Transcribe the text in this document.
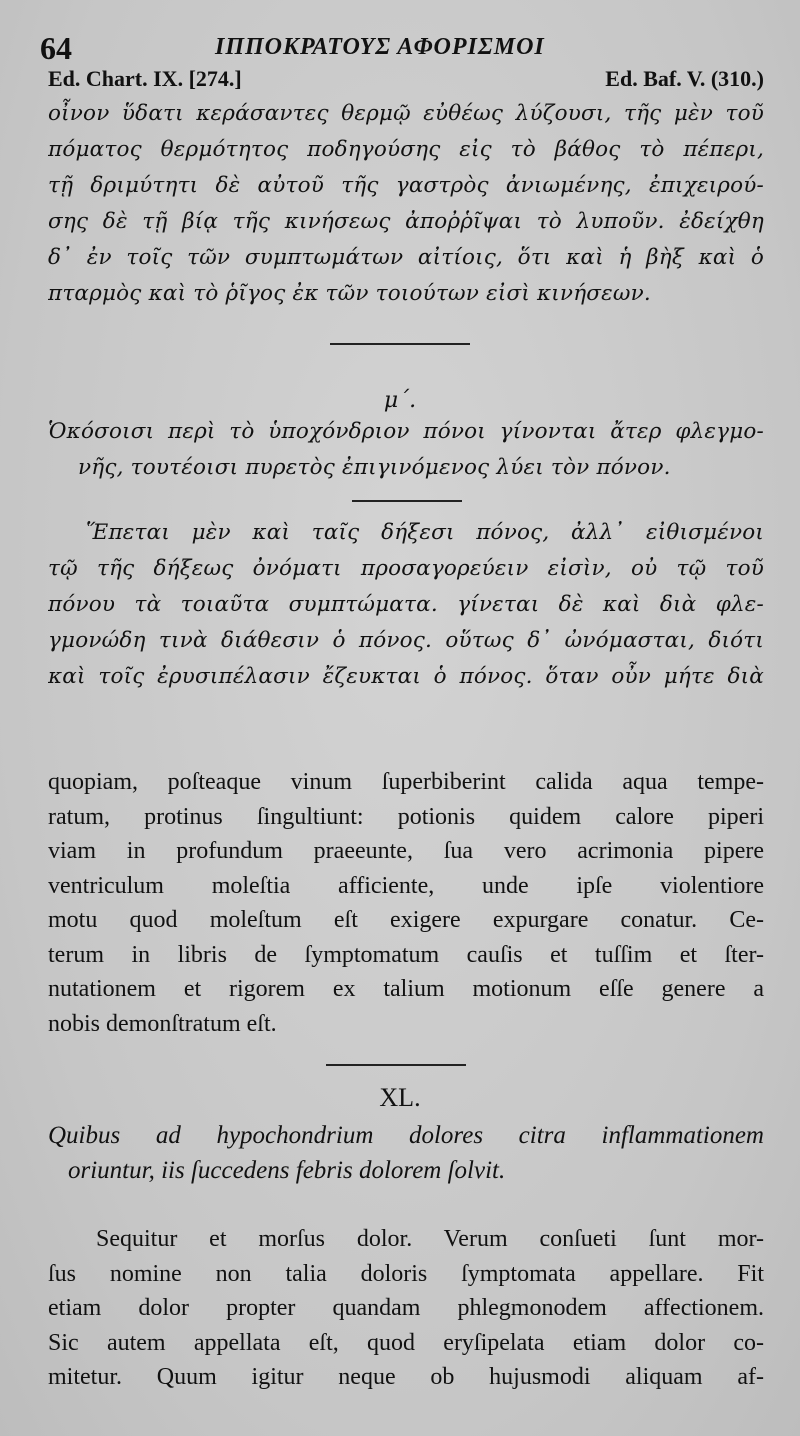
64	ΙΠΠΟΚΡΑΤΟΥΣ ΑΦΟΡΙΣΜΟΙ
Ed. Chart. IX. [274.]	Ed. Baf. V. (310.)
οἶνον ὕδατι κεράσαντες θερμῷ εὐθέως λύζουσι, τῆς μὲν τοῦ
πόματος θερμότητος ποδηγούσης εἰς τὸ βάθος τὸ πέπερι,
τῇ δριμύτητι δὲ αὐτοῦ τῆς γαστρὸς ἀνιωμένης, ἐπιχειρού-
σης δὲ τῇ βίᾳ τῆς κινήσεως ἀποῤῥῖψαι τὸ λυποῦν. ἐδείχθη
δ᾽ ἐν τοῖς τῶν συμπτωμάτων αἰτίοις, ὅτι καὶ ἡ βὴξ καὶ ὁ
πταρμὸς καὶ τὸ ῥῖγος ἐκ τῶν τοιούτων εἰσὶ κινήσεων.
μ΄.
Ὁκόσοισι περὶ τὸ ὑποχόνδριον πόνοι γίνονται ἄτερ φλεγμο-
νῆς, τουτέοισι πυρετὸς ἐπιγινόμενος λύει τὸν πόνον.
Ἕπεται μὲν καὶ ταῖς δήξεσι πόνος, ἀλλ᾽ εἰθισμένοι
τῷ τῆς δήξεως ὀνόματι προσαγορεύειν εἰσὶν, οὐ τῷ τοῦ
πόνου τὰ τοιαῦτα συμπτώματα. γίνεται δὲ καὶ διὰ φλε-
γμονώδη τινὰ διάθεσιν ὁ πόνος. οὕτως δ᾽ ὠνόμασται, διότι
καὶ τοῖς ἐρυσιπέλασιν ἔζευκται ὁ πόνος. ὅταν οὖν μήτε διὰ
quopiam, poſteaque vinum ſuperbiberint calida aqua tempe-
ratum, protinus ſingultiunt: potionis quidem calore piperi
viam in profundum praeeunte, ſua vero acrimonia pipere
ventriculum moleſtia afficiente, unde ipſe violentiore
motu quod moleſtum eſt exigere expurgare conatur. Ce-
terum in libris de ſymptomatum cauſis et tuſſim et ſter-
nutationem et rigorem ex talium motionum eſſe genere a
nobis demonſtratum eſt.
XL.
Quibus ad hypochondrium dolores citra inflammationem
oriuntur, iis ſuccedens febris dolorem ſolvit.
Sequitur et morſus dolor. Verum conſueti ſunt mor-
ſus nomine non talia doloris ſymptomata appellare. Fit
etiam dolor propter quandam phlegmonodem affectionem.
Sic autem appellata eſt, quod eryſipelata etiam dolor co-
mitetur. Quum igitur neque ob hujusmodi aliquam af-
